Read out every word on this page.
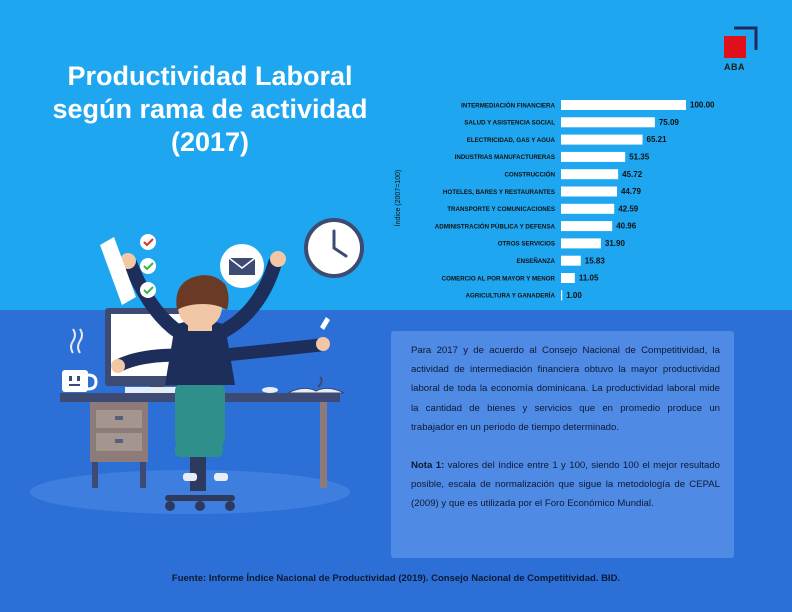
ABA
Productividad Laboral
según rama de actividad
(2017)
Índice (2007=100)
INTERMEDIACIÓN FINANCIERA	100.00
SALUD Y ASISTENCIA SOCIAL	75.09
ELECTRICIDAD, GAS Y AGUA	65.21
INDUSTRIAS MANUFACTURERAS	51.35
CONSTRUCCIÓN	45.72
HOTELES, BARES Y RESTAURANTES	44.79
TRANSPORTE Y COMUNICACIONES	42.59
ADMINISTRACIÓN PÚBLICA Y DEFENSA	40.96
OTROS SERVICIOS	31.90
ENSEÑANZA	15.83
COMERCIO AL POR MAYOR Y MENOR	11.05
AGRICULTURA Y GANADERÍA 1.00

Para 2017 y de acuerdo al Consejo Nacional de Competitividad, la actividad de intermediación financiera obtuvo la mayor productividad laboral de toda la economía dominicana. La productividad laboral mide la cantidad de bienes y servicios que en promedio produce un trabajador en un periodo de tiempo determinado.

Nota 1: valores del índice entre 1 y 100, siendo 100 el mejor resultado posible, escala de normalización que sigue la metodología de CEPAL (2009) y que es utilizada por el Foro Económico Mundial.

Fuente: Informe Índice Nacional de Productividad (2019). Consejo Nacional de Competitividad. BID.
